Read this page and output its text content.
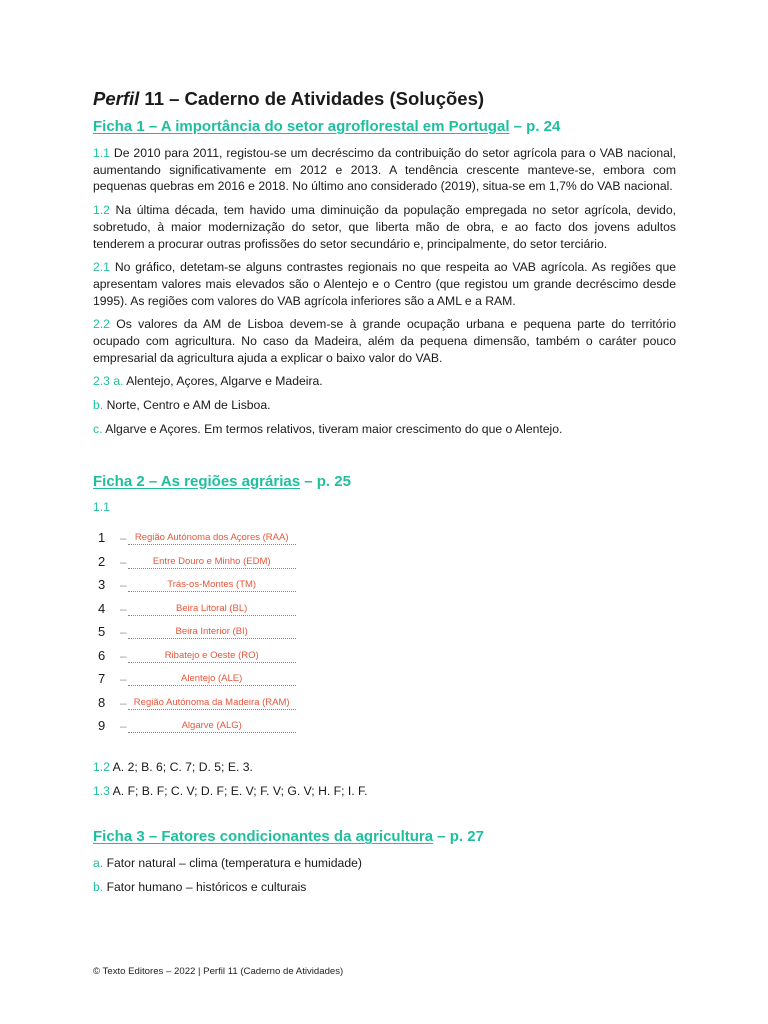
Perfil 11 – Caderno de Atividades (Soluções)
Ficha 1 – A importância do setor agroflorestal em Portugal – p. 24
1.1 De 2010 para 2011, registou-se um decréscimo da contribuição do setor agrícola para o VAB nacional, aumentando significativamente em 2012 e 2013. A tendência crescente manteve-se, embora com pequenas quebras em 2016 e 2018. No último ano considerado (2019), situa-se em 1,7% do VAB nacional.
1.2 Na última década, tem havido uma diminuição da população empregada no setor agrícola, devido, sobretudo, à maior modernização do setor, que liberta mão de obra, e ao facto dos jovens adultos tenderem a procurar outras profissões do setor secundário e, principalmente, do setor terciário.
2.1 No gráfico, detetam-se alguns contrastes regionais no que respeita ao VAB agrícola. As regiões que apresentam valores mais elevados são o Alentejo e o Centro (que registou um grande decréscimo desde 1995). As regiões com valores do VAB agrícola inferiores são a AML e a RAM.
2.2 Os valores da AM de Lisboa devem-se à grande ocupação urbana e pequena parte do território ocupado com agricultura. No caso da Madeira, além da pequena dimensão, também o caráter pouco empresarial da agricultura ajuda a explicar o baixo valor do VAB.
2.3 a. Alentejo, Açores, Algarve e Madeira.
b. Norte, Centro e AM de Lisboa.
c. Algarve e Açores. Em termos relativos, tiveram maior crescimento do que o Alentejo.
Ficha 2 – As regiões agrárias – p. 25
1.1
1	– Região Autónoma dos Açores (RAA)
2	–	Entre Douro e Minho (EDM)
3	–	Trás-os-Montes (TM)
4	–	Beira Litoral (BL)
5	–	Beira Interior (BI)
6	–	Ribatejo e Oeste (RO)
7	–	Alentejo (ALE)
8	– Região Autónoma da Madeira (RAM)
9	–	Algarve (ALG)
1.2 A. 2; B. 6; C. 7; D. 5; E. 3.
1.3 A. F; B. F; C. V; D. F; E. V; F. V; G. V; H. F; I. F.
Ficha 3 – Fatores condicionantes da agricultura – p. 27
a. Fator natural – clima (temperatura e humidade)
b. Fator humano – históricos e culturais
© Texto Editores – 2022 | Perfil 11 (Caderno de Atividades)
